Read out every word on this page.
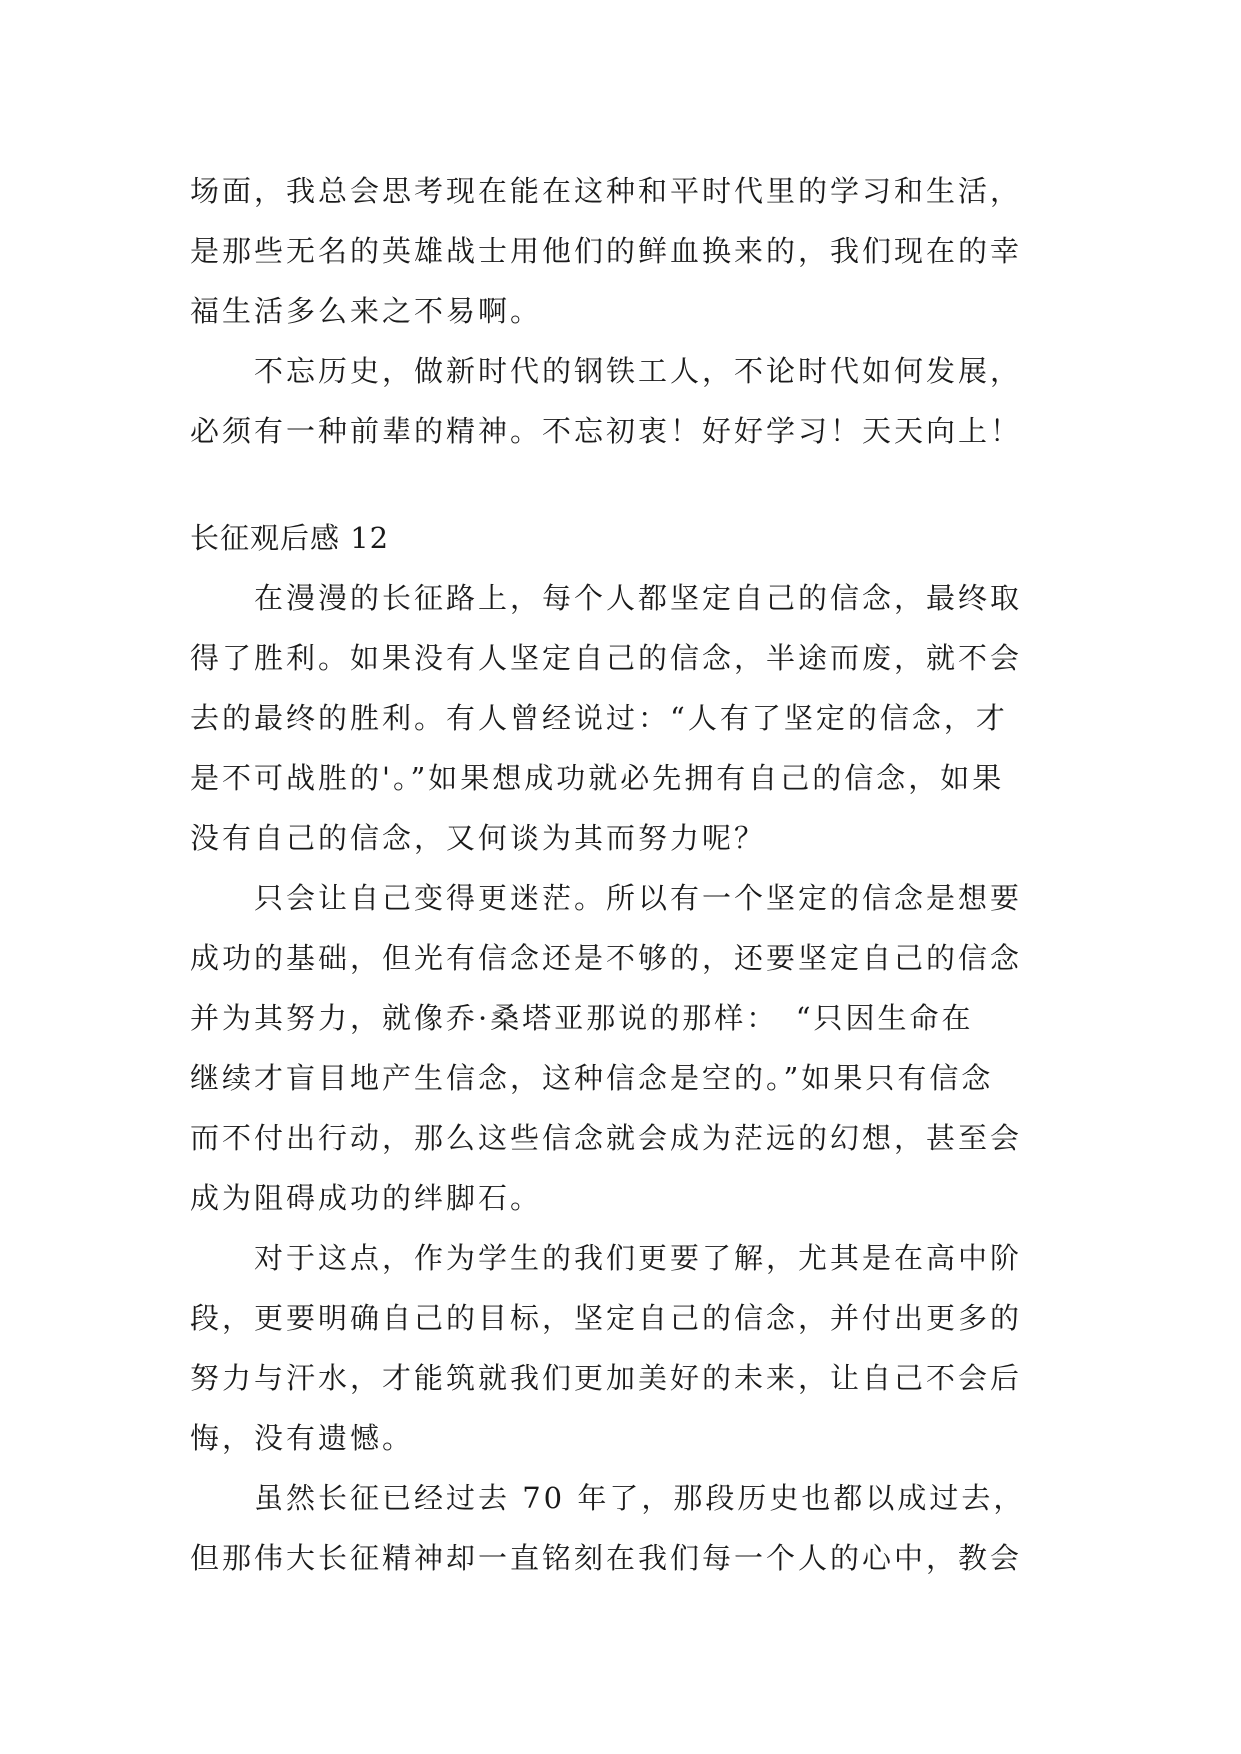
场面，我总会思考现在能在这种和平时代里的学习和生活，
是那些无名的英雄战士用他们的鲜血换来的，我们现在的幸
福生活多么来之不易啊。
　　不忘历史，做新时代的钢铁工人，不论时代如何发展，
必须有一种前辈的精神。不忘初衷！好好学习！天天向上！
长征观后感 12
　　在漫漫的长征路上，每个人都坚定自己的信念，最终取
得了胜利。如果没有人坚定自己的信念，半途而废，就不会
去的最终的胜利。有人曾经说过：“人有了坚定的信念，才
是不可战胜的'。”如果想成功就必先拥有自己的信念，如果
没有自己的信念，又何谈为其而努力呢？
　　只会让自己变得更迷茫。所以有一个坚定的信念是想要
成功的基础，但光有信念还是不够的，还要坚定自己的信念
并为其努力，就像乔·桑塔亚那说的那样：　“只因生命在
继续才盲目地产生信念，这种信念是空的。”如果只有信念
而不付出行动，那么这些信念就会成为茫远的幻想，甚至会
成为阻碍成功的绊脚石。
　　对于这点，作为学生的我们更要了解，尤其是在高中阶
段，更要明确自己的目标，坚定自己的信念，并付出更多的
努力与汗水，才能筑就我们更加美好的未来，让自己不会后
悔，没有遗憾。
　　虽然长征已经过去 70 年了，那段历史也都以成过去，
但那伟大长征精神却一直铭刻在我们每一个人的心中，教会
